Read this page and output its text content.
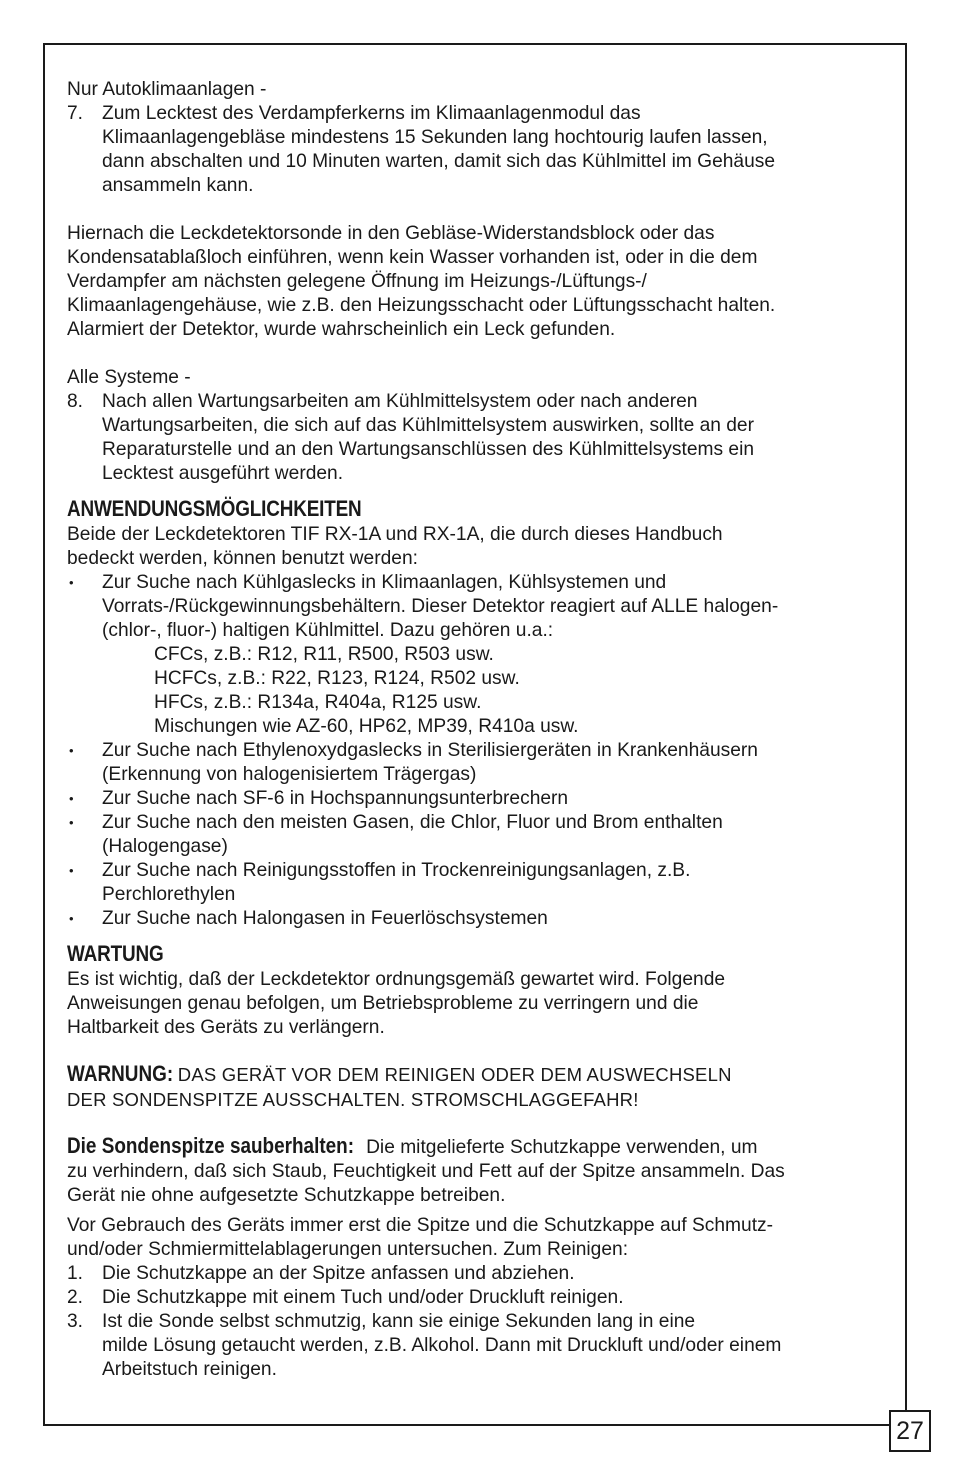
Nur Autoklimaanlagen -
7. Zum Lecktest des Verdampferkerns im Klimaanlagenmodul das
Klimaanlagengebläse mindestens 15 Sekunden lang hochtourig laufen lassen,
dann abschalten und 10 Minuten warten, damit sich das Kühlmittel im Gehäuse
ansammeln kann.
Hiernach die Leckdetektorsonde in den Gebläse-Widerstandsblock oder das
Kondensatablaßloch einführen, wenn kein Wasser vorhanden ist, oder in die dem
Verdampfer am nächsten gelegene Öffnung im Heizungs-/Lüftungs-/
Klimaanlagengehäuse, wie z.B. den Heizungsschacht oder Lüftungsschacht halten.
Alarmiert der Detektor, wurde wahrscheinlich ein Leck gefunden.
Alle Systeme -
8. Nach allen Wartungsarbeiten am Kühlmittelsystem oder nach anderen
Wartungsarbeiten, die sich auf das Kühlmittelsystem auswirken, sollte an der
Reparaturstelle und an den Wartungsanschlüssen des Kühlmittelsystems ein
Lecktest ausgeführt werden.
ANWENDUNGSMÖGLICHKEITEN
Beide der Leckdetektoren TIF RX-1A und RX-1A, die durch dieses Handbuch
bedeckt werden, können benutzt werden:
• Zur Suche nach Kühlgaslecks in Klimaanlagen, Kühlsystemen und
Vorrats-/Rückgewinnungsbehältern. Dieser Detektor reagiert auf ALLE halogen-
(chlor-, fluor-) haltigen Kühlmittel. Dazu gehören u.a.:
CFCs, z.B.: R12, R11, R500, R503 usw.
HCFCs, z.B.: R22, R123, R124, R502 usw.
HFCs, z.B.: R134a, R404a, R125 usw.
Mischungen wie AZ-60, HP62, MP39, R410a usw.
• Zur Suche nach Ethylenoxydgaslecks in Sterilisiergeräten in Krankenhäusern
(Erkennung von halogenisiertem Trägergas)
• Zur Suche nach SF-6 in Hochspannungsunterbrechern
• Zur Suche nach den meisten Gasen, die Chlor, Fluor und Brom enthalten
(Halogengase)
• Zur Suche nach Reinigungsstoffen in Trockenreinigungsanlagen, z.B.
Perchlorethylen
• Zur Suche nach Halongasen in Feuerlöschsystemen
WARTUNG
Es ist wichtig, daß der Leckdetektor ordnungsgemäß gewartet wird. Folgende
Anweisungen genau befolgen, um Betriebsprobleme zu verringern und die
Haltbarkeit des Geräts zu verlängern.
WARNUNG: DAS GERÄT VOR DEM REINIGEN ODER DEM AUSWECHSELN
DER SONDENSPITZE AUSSCHALTEN. STROMSCHLAGGEFAHR!
Die Sondenspitze sauberhalten: Die mitgelieferte Schutzkappe verwenden, um
zu verhindern, daß sich Staub, Feuchtigkeit und Fett auf der Spitze ansammeln. Das
Gerät nie ohne aufgesetzte Schutzkappe betreiben.
Vor Gebrauch des Geräts immer erst die Spitze und die Schutzkappe auf Schmutz-
und/oder Schmiermittelablagerungen untersuchen. Zum Reinigen:
1. Die Schutzkappe an der Spitze anfassen und abziehen.
2. Die Schutzkappe mit einem Tuch und/oder Druckluft reinigen.
3. Ist die Sonde selbst schmutzig, kann sie einige Sekunden lang in eine
milde Lösung getaucht werden, z.B. Alkohol. Dann mit Druckluft und/oder einem
Arbeitstuch reinigen.
27
